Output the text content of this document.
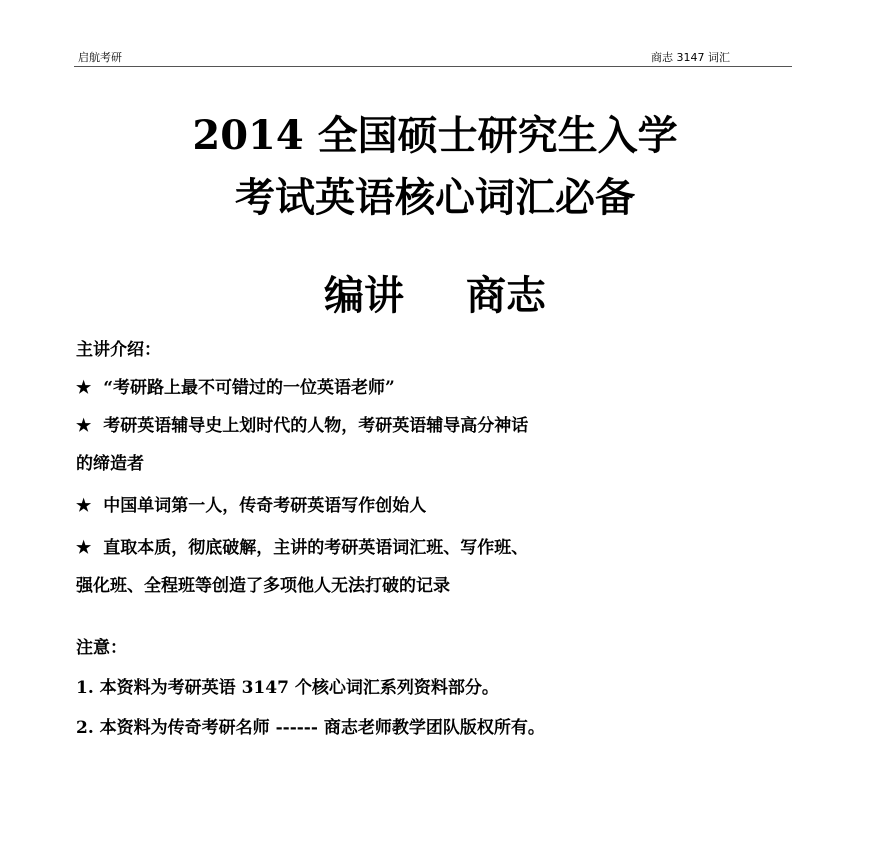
启航考研	商志 3147 词汇
2014 全国硕士研究生入学
考试英语核心词汇必备
编讲 商志
主讲介绍：
★ “考研路上最不可错过的一位英语老师”
★ 考研英语辅导史上划时代的人物，考研英语辅导高分神话
的缔造者
★ 中国单词第一人，传奇考研英语写作创始人
★ 直取本质，彻底破解，主讲的考研英语词汇班、写作班、
强化班、全程班等创造了多项他人无法打破的记录
注意：
1. 本资料为考研英语 3147 个核心词汇系列资料部分。
2. 本资料为传奇考研名师 ------ 商志老师教学团队版权所有。
